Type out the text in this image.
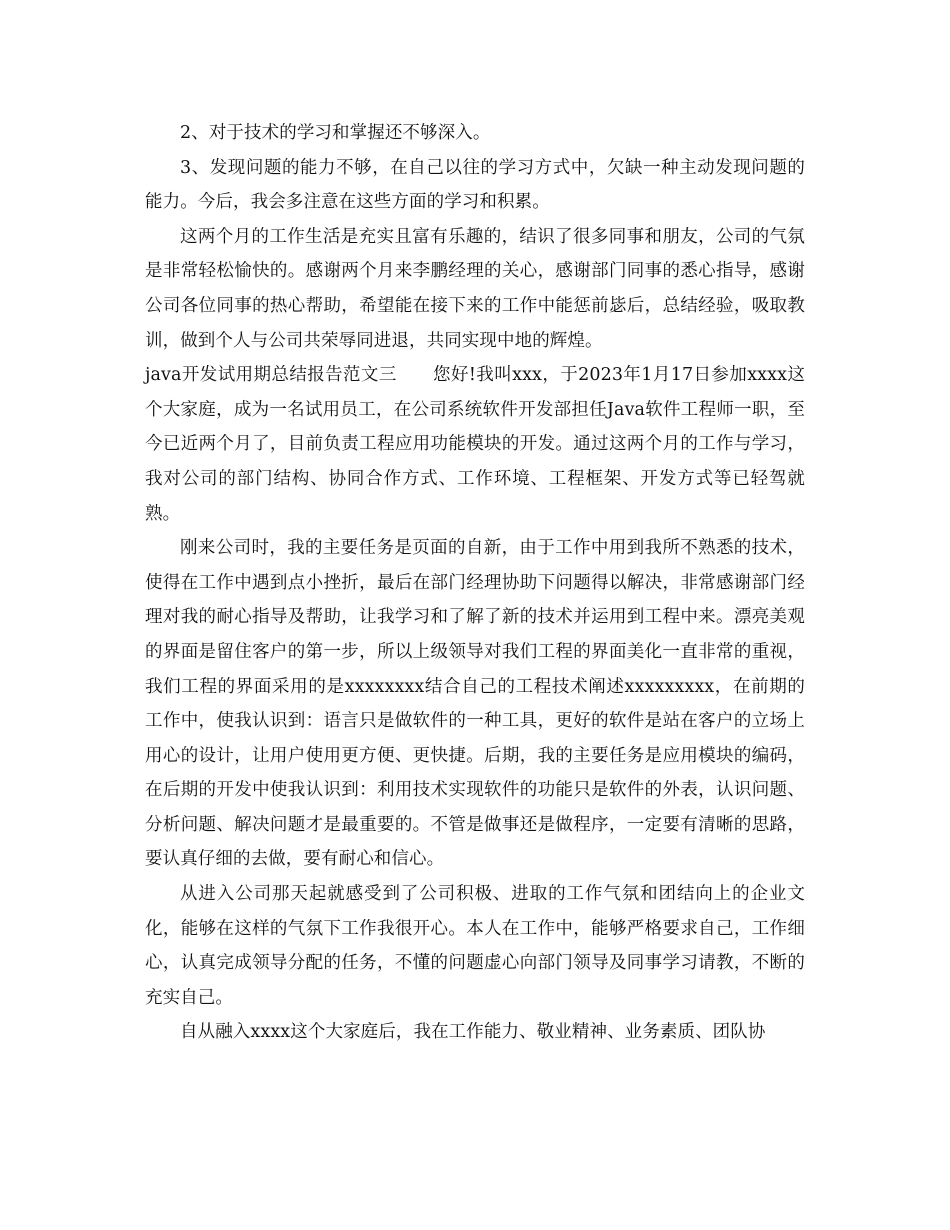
2、对于技术的学习和掌握还不够深入。

3、发现问题的能力不够，在自己以往的学习方式中，欠缺一种主动发现问题的能力。今后，我会多注意在这些方面的学习和积累。

这两个月的工作生活是充实且富有乐趣的，结识了很多同事和朋友，公司的气氛是非常轻松愉快的。感谢两个月来李鹏经理的关心，感谢部门同事的悉心指导，感谢公司各位同事的热心帮助，希望能在接下来的工作中能惩前毖后，总结经验，吸取教训，做到个人与公司共荣辱同进退，共同实现中地的辉煌。

java开发试用期总结报告范文三 您好!我叫xxx，于2023年1月17日参加xxxx这个大家庭，成为一名试用员工，在公司系统软件开发部担任Java软件工程师一职，至今已近两个月了，目前负责工程应用功能模块的开发。通过这两个月的工作与学习，我对公司的部门结构、协同合作方式、工作环境、工程框架、开发方式等已轻驾就熟。

刚来公司时，我的主要任务是页面的自新，由于工作中用到我所不熟悉的技术，使得在工作中遇到点小挫折，最后在部门经理协助下问题得以解决，非常感谢部门经理对我的耐心指导及帮助，让我学习和了解了新的技术并运用到工程中来。漂亮美观的界面是留住客户的第一步，所以上级领导对我们工程的界面美化一直非常的重视，我们工程的界面采用的是xxxxxxxx结合自己的工程技术阐述xxxxxxxxx，在前期的工作中，使我认识到：语言只是做软件的一种工具，更好的软件是站在客户的立场上用心的设计，让用户使用更方便、更快捷。后期，我的主要任务是应用模块的编码，在后期的开发中使我认识到：利用技术实现软件的功能只是软件的外表，认识问题、分析问题、解决问题才是最重要的。不管是做事还是做程序，一定要有清晰的思路，要认真仔细的去做，要有耐心和信心。

从进入公司那天起就感受到了公司积极、进取的工作气氛和团结向上的企业文化，能够在这样的气氛下工作我很开心。本人在工作中，能够严格要求自己，工作细心，认真完成领导分配的任务，不懂的问题虚心向部门领导及同事学习请教，不断的充实自己。

自从融入xxxx这个大家庭后，我在工作能力、敬业精神、业务素质、团队协
